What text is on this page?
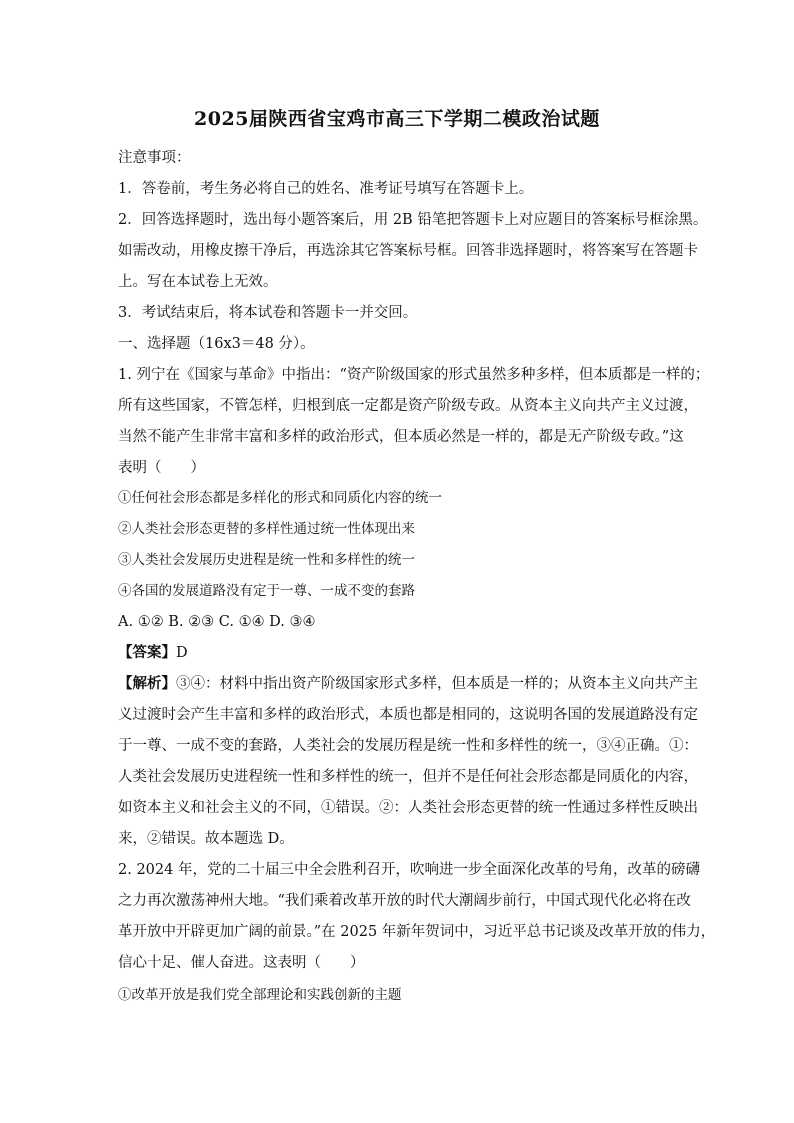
2025届陕西省宝鸡市高三下学期二模政治试题
注意事项：
1．答卷前，考生务必将自己的姓名、准考证号填写在答题卡上。
2．回答选择题时，选出每小题答案后，用 2B 铅笔把答题卡上对应题目的答案标号框涂黑。
如需改动，用橡皮擦干净后，再选涂其它答案标号框。回答非选择题时，将答案写在答题卡
上。写在本试卷上无效。
3．考试结束后，将本试卷和答题卡一并交回。
一、选择题（16x3＝48 分）。
1. 列宁在《国家与革命》中指出：“资产阶级国家的形式虽然多种多样，但本质都是一样的；
所有这些国家，不管怎样，归根到底一定都是资产阶级专政。从资本主义向共产主义过渡，
当然不能产生非常丰富和多样的政治形式，但本质必然是一样的，都是无产阶级专政。”这
表明（　　）
①任何社会形态都是多样化的形式和同质化内容的统一
②人类社会形态更替的多样性通过统一性体现出来
③人类社会发展历史进程是统一性和多样性的统一
④各国的发展道路没有定于一尊、一成不变的套路
A. ①② B. ②③ C. ①④ D. ③④
【答案】D
【解析】③④：材料中指出资产阶级国家形式多样，但本质是一样的；从资本主义向共产主
义过渡时会产生丰富和多样的政治形式，本质也都是相同的，这说明各国的发展道路没有定
于一尊、一成不变的套路，人类社会的发展历程是统一性和多样性的统一，③④正确。①：
人类社会发展历史进程统一性和多样性的统一，但并不是任何社会形态都是同质化的内容，
如资本主义和社会主义的不同，①错误。②：人类社会形态更替的统一性通过多样性反映出
来，②错误。故本题选 D。
2. 2024 年，党的二十届三中全会胜利召开，吹响进一步全面深化改革的号角，改革的磅礴
之力再次激荡神州大地。“我们乘着改革开放的时代大潮阔步前行，中国式现代化必将在改
革开放中开辟更加广阔的前景。”在 2025 年新年贺词中，习近平总书记谈及改革开放的伟力，
信心十足、催人奋进。这表明（　　）
①改革开放是我们党全部理论和实践创新的主题
